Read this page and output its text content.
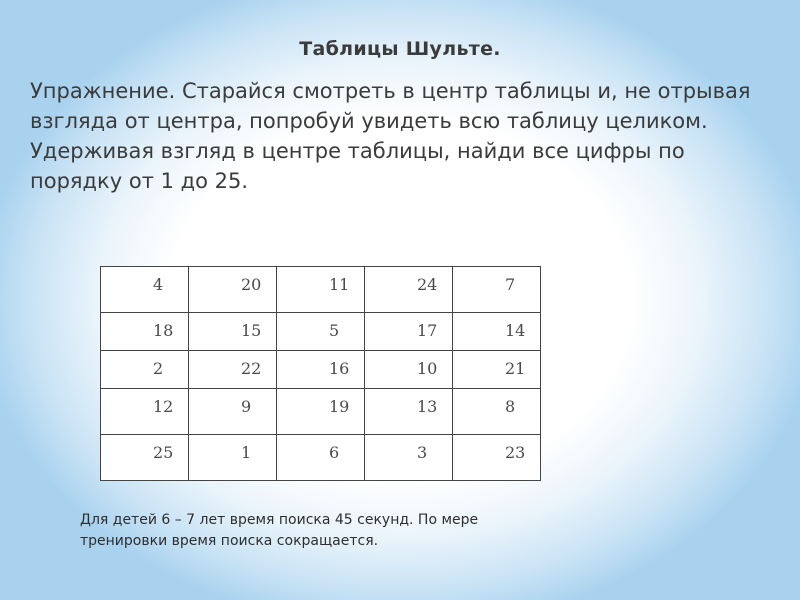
Таблицы Шульте.

Упражнение. Старайся смотреть в центр таблицы и, не отрывая взгляда от центра, попробуй увидеть всю таблицу целиком. Удерживая взгляд в центре таблицы, найди все цифры по порядку от 1 до 25.

4	20	11	24	7
18	15	5	17	14
2	22	16	10	21
12	9	19	13	8
25	1	6	3	23

Для детей 6 – 7 лет время поиска 45 секунд. По мере тренировки время поиска сокращается.
